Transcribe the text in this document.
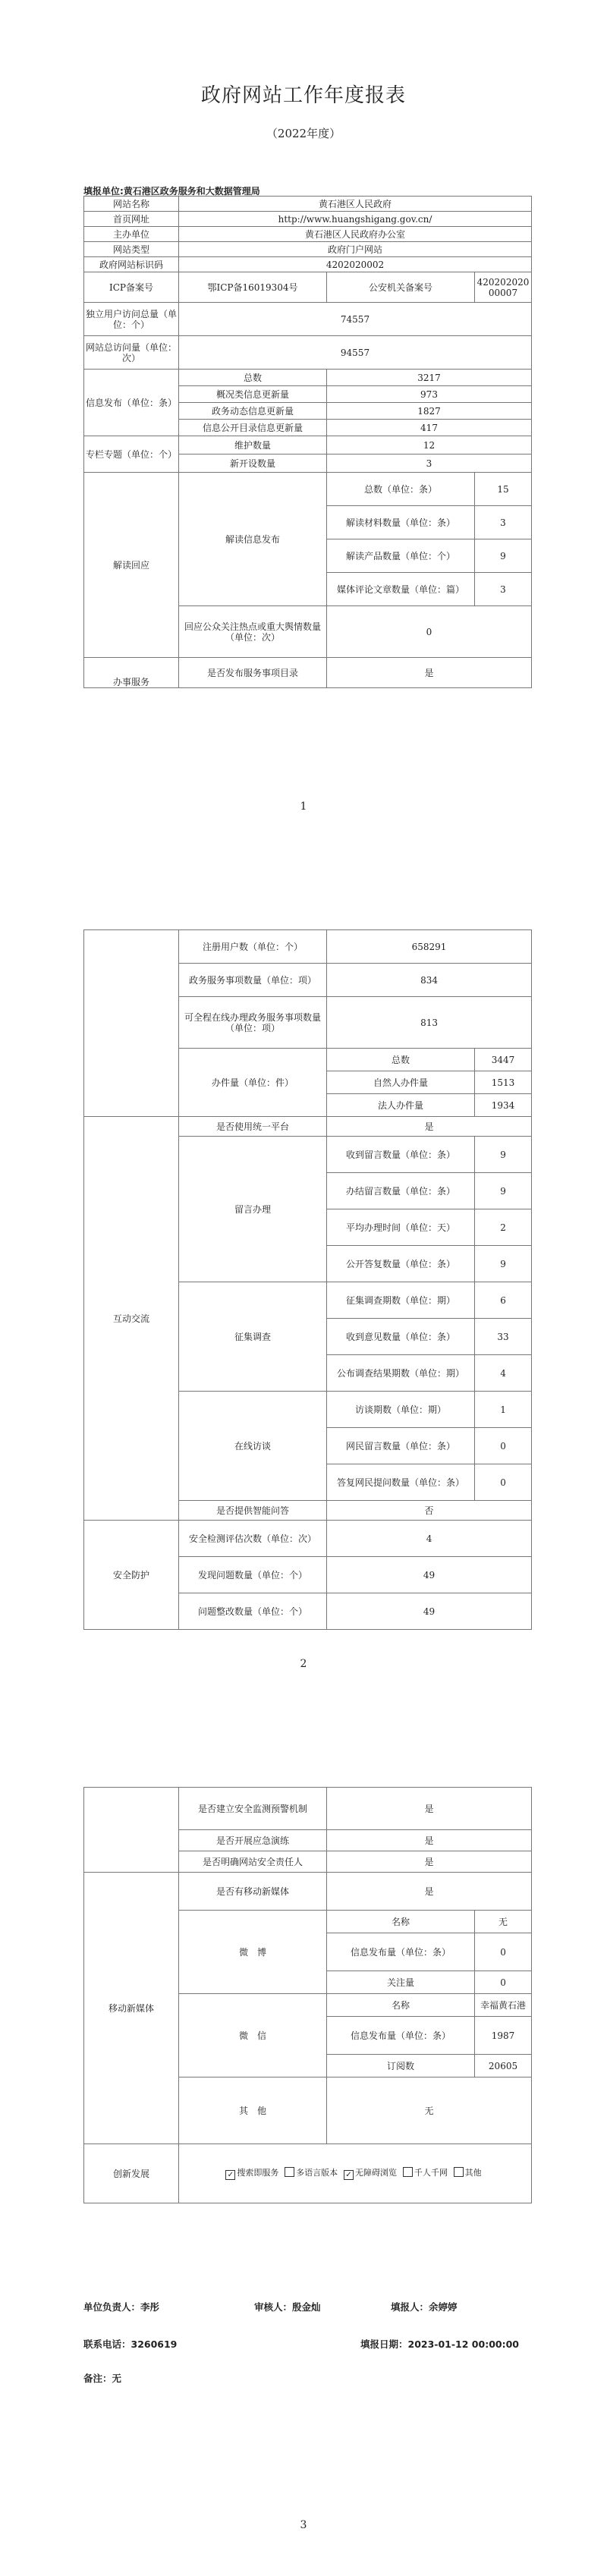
政府网站工作年度报表
（2022年度）
填报单位:黄石港区政务服务和大数据管理局
网站名称	黄石港区人民政府		
首页网址	http://www.huangshigang.gov.cn/		
主办单位	黄石港区人民政府办公室		
网站类型	政府门户网站		
政府网站标识码	4202020002		
ICP备案号	鄂ICP备16019304号	公安机关备案号	42020202000007
独立用户访问总量（单位：个）	74557		
网站总访问量（单位：次）	94557		
信息发布（单位：条）	总数	3217	
	概况类信息更新量	973	
	政务动态信息更新量	1827	
	信息公开目录信息更新量	417	
专栏专题（单位：个）	维护数量	12	
	新开设数量	3	
解读回应	解读信息发布	总数（单位：条）	15
		解读材料数量（单位：条）	3
		解读产品数量（单位：个）	9
		媒体评论文章数量（单位：篇）	3
	回应公众关注热点或重大舆情数量（单位：次）	0	
办事服务	是否发布服务事项目录	是	
1
	注册用户数（单位：个）	658291	
	政务服务事项数量（单位：项）	834	
	可全程在线办理政务服务事项数量（单位：项）	813	
	办件量（单位：件）	总数	3447
		自然人办件量	1513
		法人办件量	1934
互动交流	是否使用统一平台	是	
	留言办理	收到留言数量（单位：条）	9
		办结留言数量（单位：条）	9
		平均办理时间（单位：天）	2
		公开答复数量（单位：条）	9
	征集调查	征集调查期数（单位：期）	6
		收到意见数量（单位：条）	33
		公布调查结果期数（单位：期）	4
	在线访谈	访谈期数（单位：期）	1
		网民留言数量（单位：条）	0
		答复网民提问数量（单位：条）	0
	是否提供智能问答	否	
安全防护	安全检测评估次数（单位：次）	4	
	发现问题数量（单位：个）	49	
	问题整改数量（单位：个）	49	
2
	是否建立安全监测预警机制	是	
	是否开展应急演练	是	
	是否明确网站安全责任人	是	
移动新媒体	是否有移动新媒体	是	
	微　博	名称	无
		信息发布量（单位：条）	0
		关注量	0
	微　信	名称	幸福黄石港
		信息发布量（单位：条）	1987
		订阅数	20605
	其　他	无	
创新发展	✓ 搜索即服务 多语言版本 ✓ 无障碍浏览 千人千网 其他		
单位负责人：李彤	审核人：殷金灿	填报人：余婷婷
联系电话：3260619	填报日期：2023-01-12 00:00:00
备注：无
3
